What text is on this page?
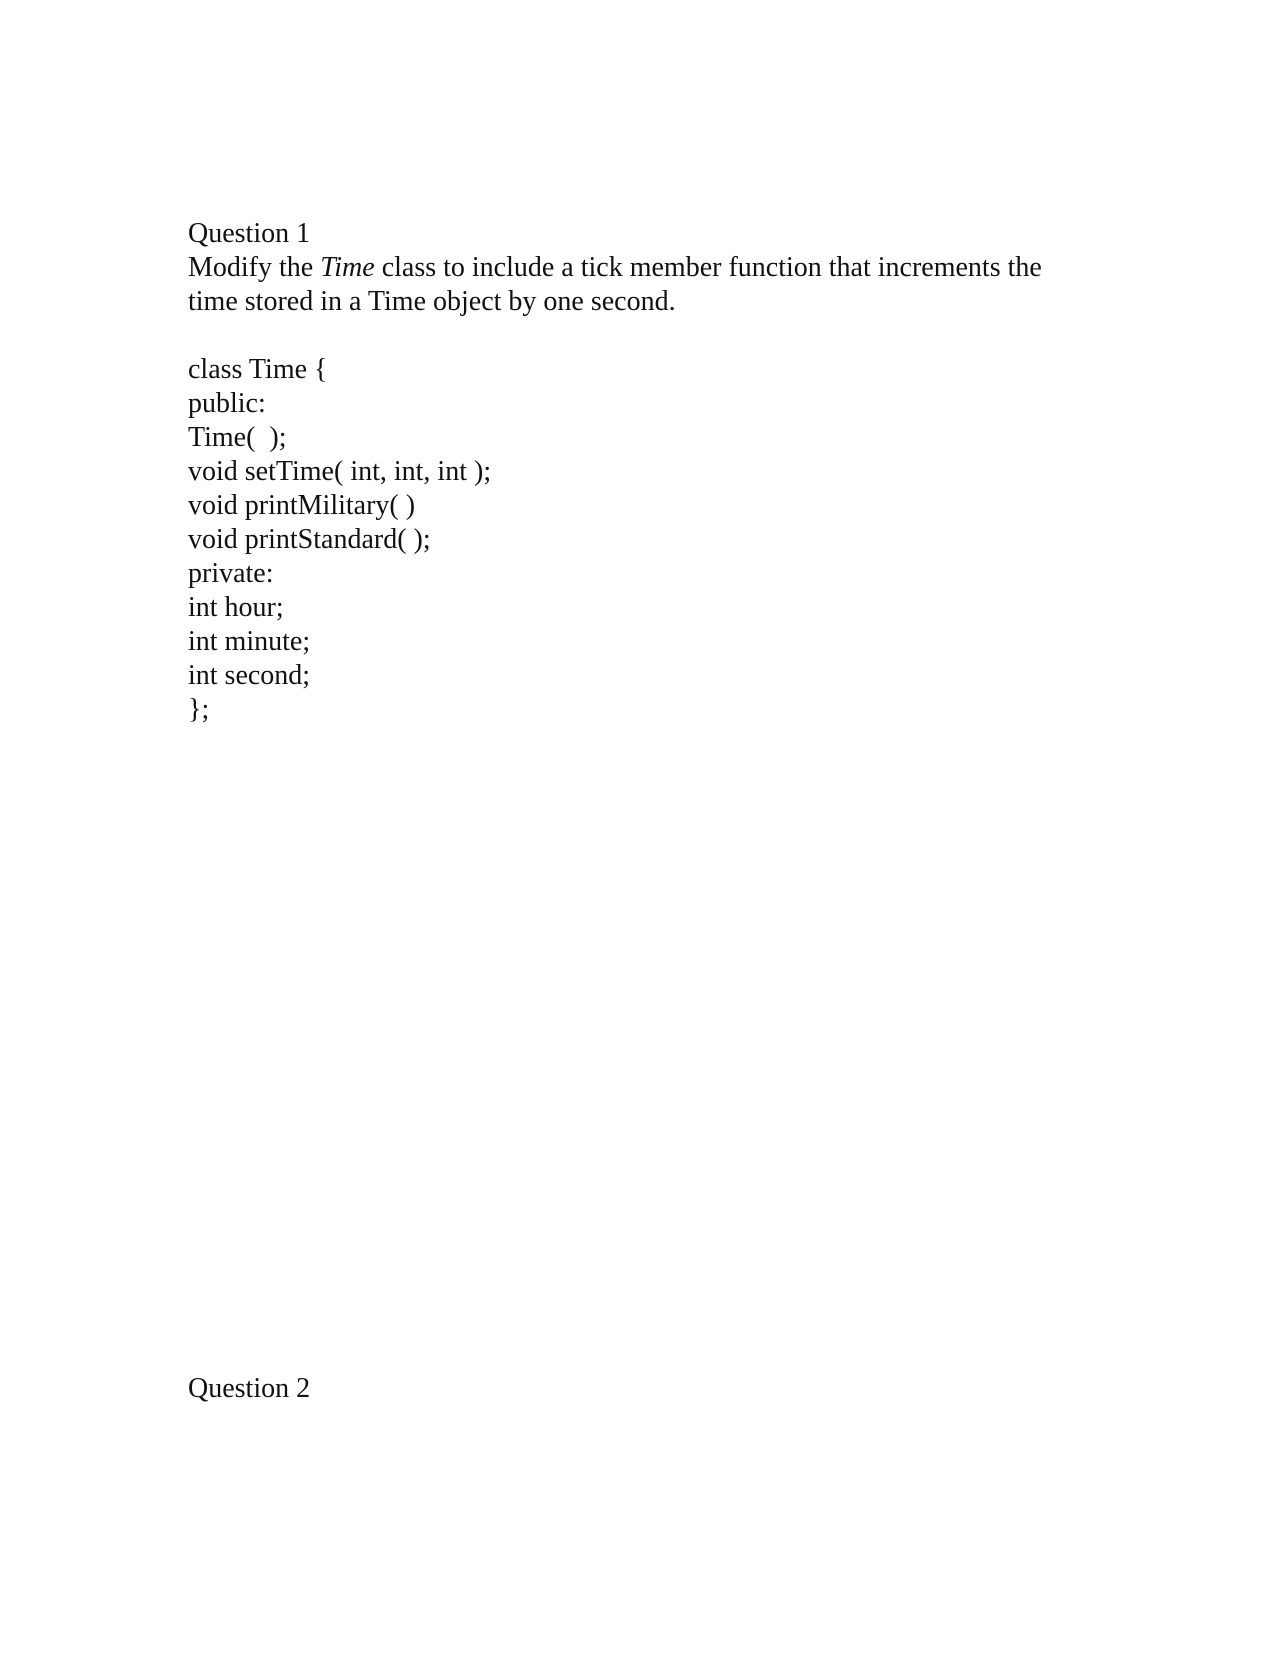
Question 1
Modify the Time class to include a tick member function that increments the
time stored in a Time object by one second.
class Time {
public:
Time(  );
void setTime( int, int, int );
void printMilitary( )
void printStandard( );
private:
int hour;
int minute;
int second;
};
Question 2
